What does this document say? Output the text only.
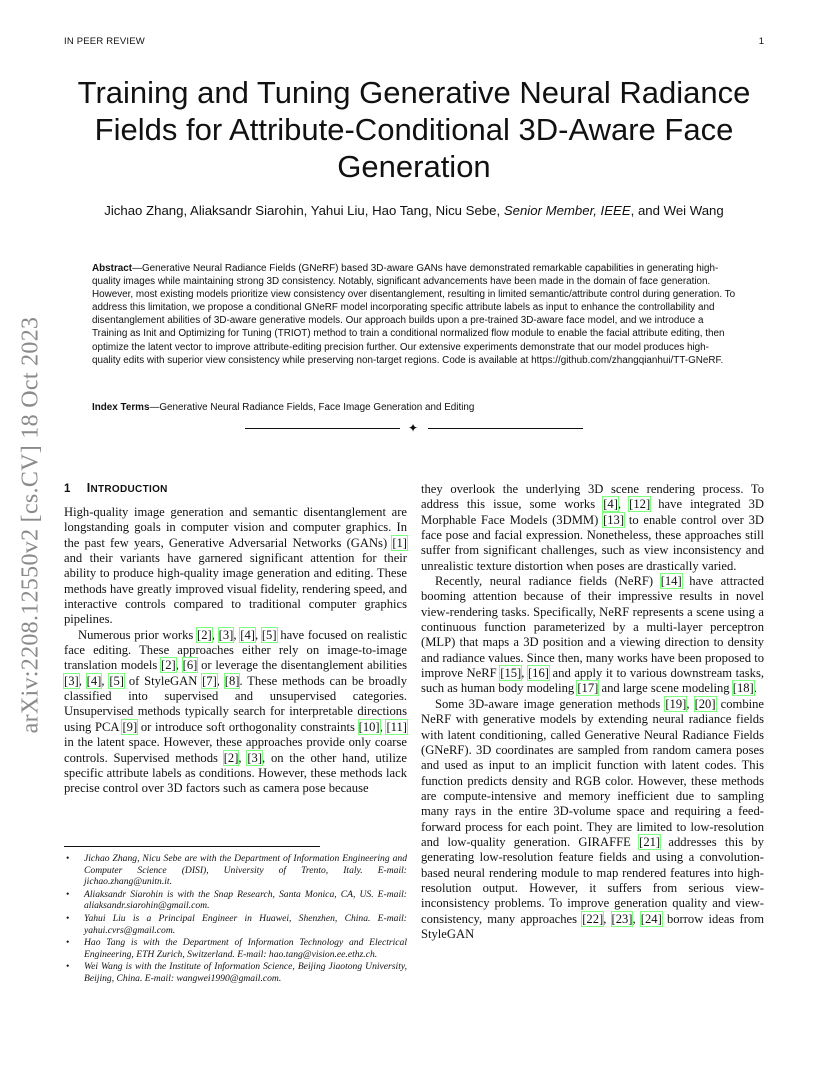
IN PEER REVIEW	1
arXiv:2208.12550v2 [cs.CV] 18 Oct 2023
Training and Tuning Generative Neural Radiance Fields for Attribute-Conditional 3D-Aware Face Generation
Jichao Zhang, Aliaksandr Siarohin, Yahui Liu, Hao Tang, Nicu Sebe, Senior Member, IEEE, and Wei Wang
Abstract—Generative Neural Radiance Fields (GNeRF) based 3D-aware GANs have demonstrated remarkable capabilities in generating high-quality images while maintaining strong 3D consistency. Notably, significant advancements have been made in the domain of face generation. However, most existing models prioritize view consistency over disentanglement, resulting in limited semantic/attribute control during generation. To address this limitation, we propose a conditional GNeRF model incorporating specific attribute labels as input to enhance the controllability and disentanglement abilities of 3D-aware generative models. Our approach builds upon a pre-trained 3D-aware face model, and we introduce a Training as Init and Optimizing for Tuning (TRIOT) method to train a conditional normalized flow module to enable the facial attribute editing, then optimize the latent vector to improve attribute-editing precision further. Our extensive experiments demonstrate that our model produces high-quality edits with superior view consistency while preserving non-target regions. Code is available at https://github.com/zhangqianhui/TT-GNeRF.
Index Terms—Generative Neural Radiance Fields, Face Image Generation and Editing
✦
1 INTRODUCTION

High-quality image generation and semantic disentanglement are longstanding goals in computer vision and computer graphics. In the past few years, Generative Adversarial Networks (GANs) [1] and their variants have garnered significant attention for their ability to produce high-quality image generation and editing. These methods have greatly improved visual fidelity, rendering speed, and interactive controls compared to traditional computer graphics pipelines.

Numerous prior works [2], [3], [4], [5] have focused on realistic face editing. These approaches either rely on image-to-image translation models [2], [6] or leverage the disentanglement abilities [3], [4], [5] of StyleGAN [7], [8]. These methods can be broadly classified into supervised and unsupervised categories. Unsupervised methods typically search for interpretable directions using PCA [9] or introduce soft orthogonality constraints [10], [11] in the latent space. However, these approaches provide only coarse controls. Supervised methods [2], [3], on the other hand, utilize specific attribute labels as conditions. However, these methods lack precise control over 3D factors such as camera pose because

• Jichao Zhang, Nicu Sebe are with the Department of Information Engineering and Computer Science (DISI), University of Trento, Italy. E-mail: jichao.zhang@unitn.it.
• Aliaksandr Siarohin is with the Snap Research, Santa Monica, CA, US. E-mail: aliaksandr.siarohin@gmail.com.
• Yahui Liu is a Principal Engineer in Huawei, Shenzhen, China. E-mail: yahui.cvrs@gmail.com.
• Hao Tang is with the Department of Information Technology and Electrical Engineering, ETH Zurich, Switzerland. E-mail: hao.tang@vision.ee.ethz.ch.
• Wei Wang is with the Institute of Information Science, Beijing Jiaotong University, Beijing, China. E-mail: wangwei1990@gmail.com.

they overlook the underlying 3D scene rendering process. To address this issue, some works [4], [12] have integrated 3D Morphable Face Models (3DMM) [13] to enable control over 3D face pose and facial expression. Nonetheless, these approaches still suffer from significant challenges, such as view inconsistency and unrealistic texture distortion when poses are drastically varied.

Recently, neural radiance fields (NeRF) [14] have attracted booming attention because of their impressive results in novel view-rendering tasks. Specifically, NeRF represents a scene using a continuous function parameterized by a multi-layer perceptron (MLP) that maps a 3D position and a viewing direction to density and radiance values. Since then, many works have been proposed to improve NeRF [15], [16] and apply it to various downstream tasks, such as human body modeling [17] and large scene modeling [18].

Some 3D-aware image generation methods [19], [20] combine NeRF with generative models by extending neural radiance fields with latent conditioning, called Generative Neural Radiance Fields (GNeRF). 3D coordinates are sampled from random camera poses and used as input to an implicit function with latent codes. This function predicts density and RGB color. However, these methods are compute-intensive and memory inefficient due to sampling many rays in the entire 3D-volume space and requiring a feed-forward process for each point. They are limited to low-resolution and low-quality generation. GIRAFFE [21] addresses this by generating low-resolution feature fields and using a convolution-based neural rendering module to map rendered features into high-resolution output. However, it suffers from serious view-inconsistency problems. To improve generation quality and view-consistency, many approaches [22], [23], [24] borrow ideas from StyleGAN
